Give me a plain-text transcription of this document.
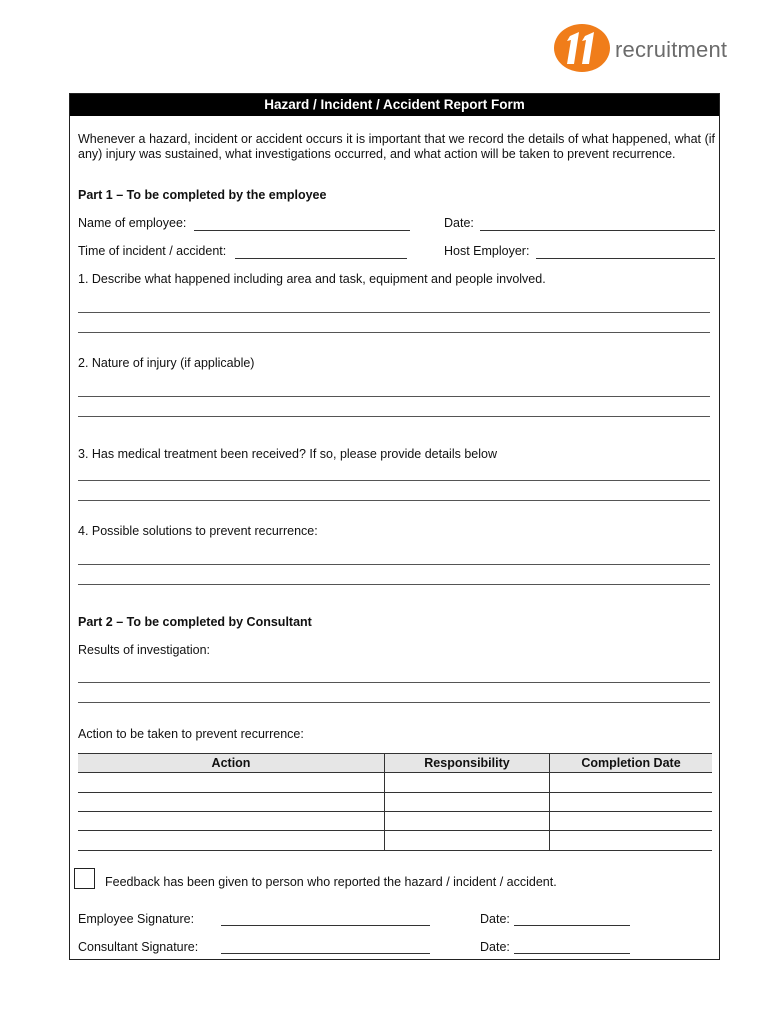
recruitment
Hazard / Incident / Accident Report Form
Whenever a hazard, incident or accident occurs it is important that we record the details of what happened, what (if any) injury was sustained, what investigations occurred, and what action will be taken to prevent recurrence.
Part 1 – To be completed by the employee
Name of employee:	Date:
Time of incident / accident:	Host Employer:
1. Describe what happened including area and task, equipment and people involved.
2. Nature of injury (if applicable)
3. Has medical treatment been received? If so, please provide details below
4. Possible solutions to prevent recurrence:
Part 2 – To be completed by Consultant
Results of investigation:
Action to be taken to prevent recurrence:
Action	Responsibility	Completion Date
Feedback has been given to person who reported the hazard / incident / accident.
Employee Signature:	Date:
Consultant Signature:	Date:
